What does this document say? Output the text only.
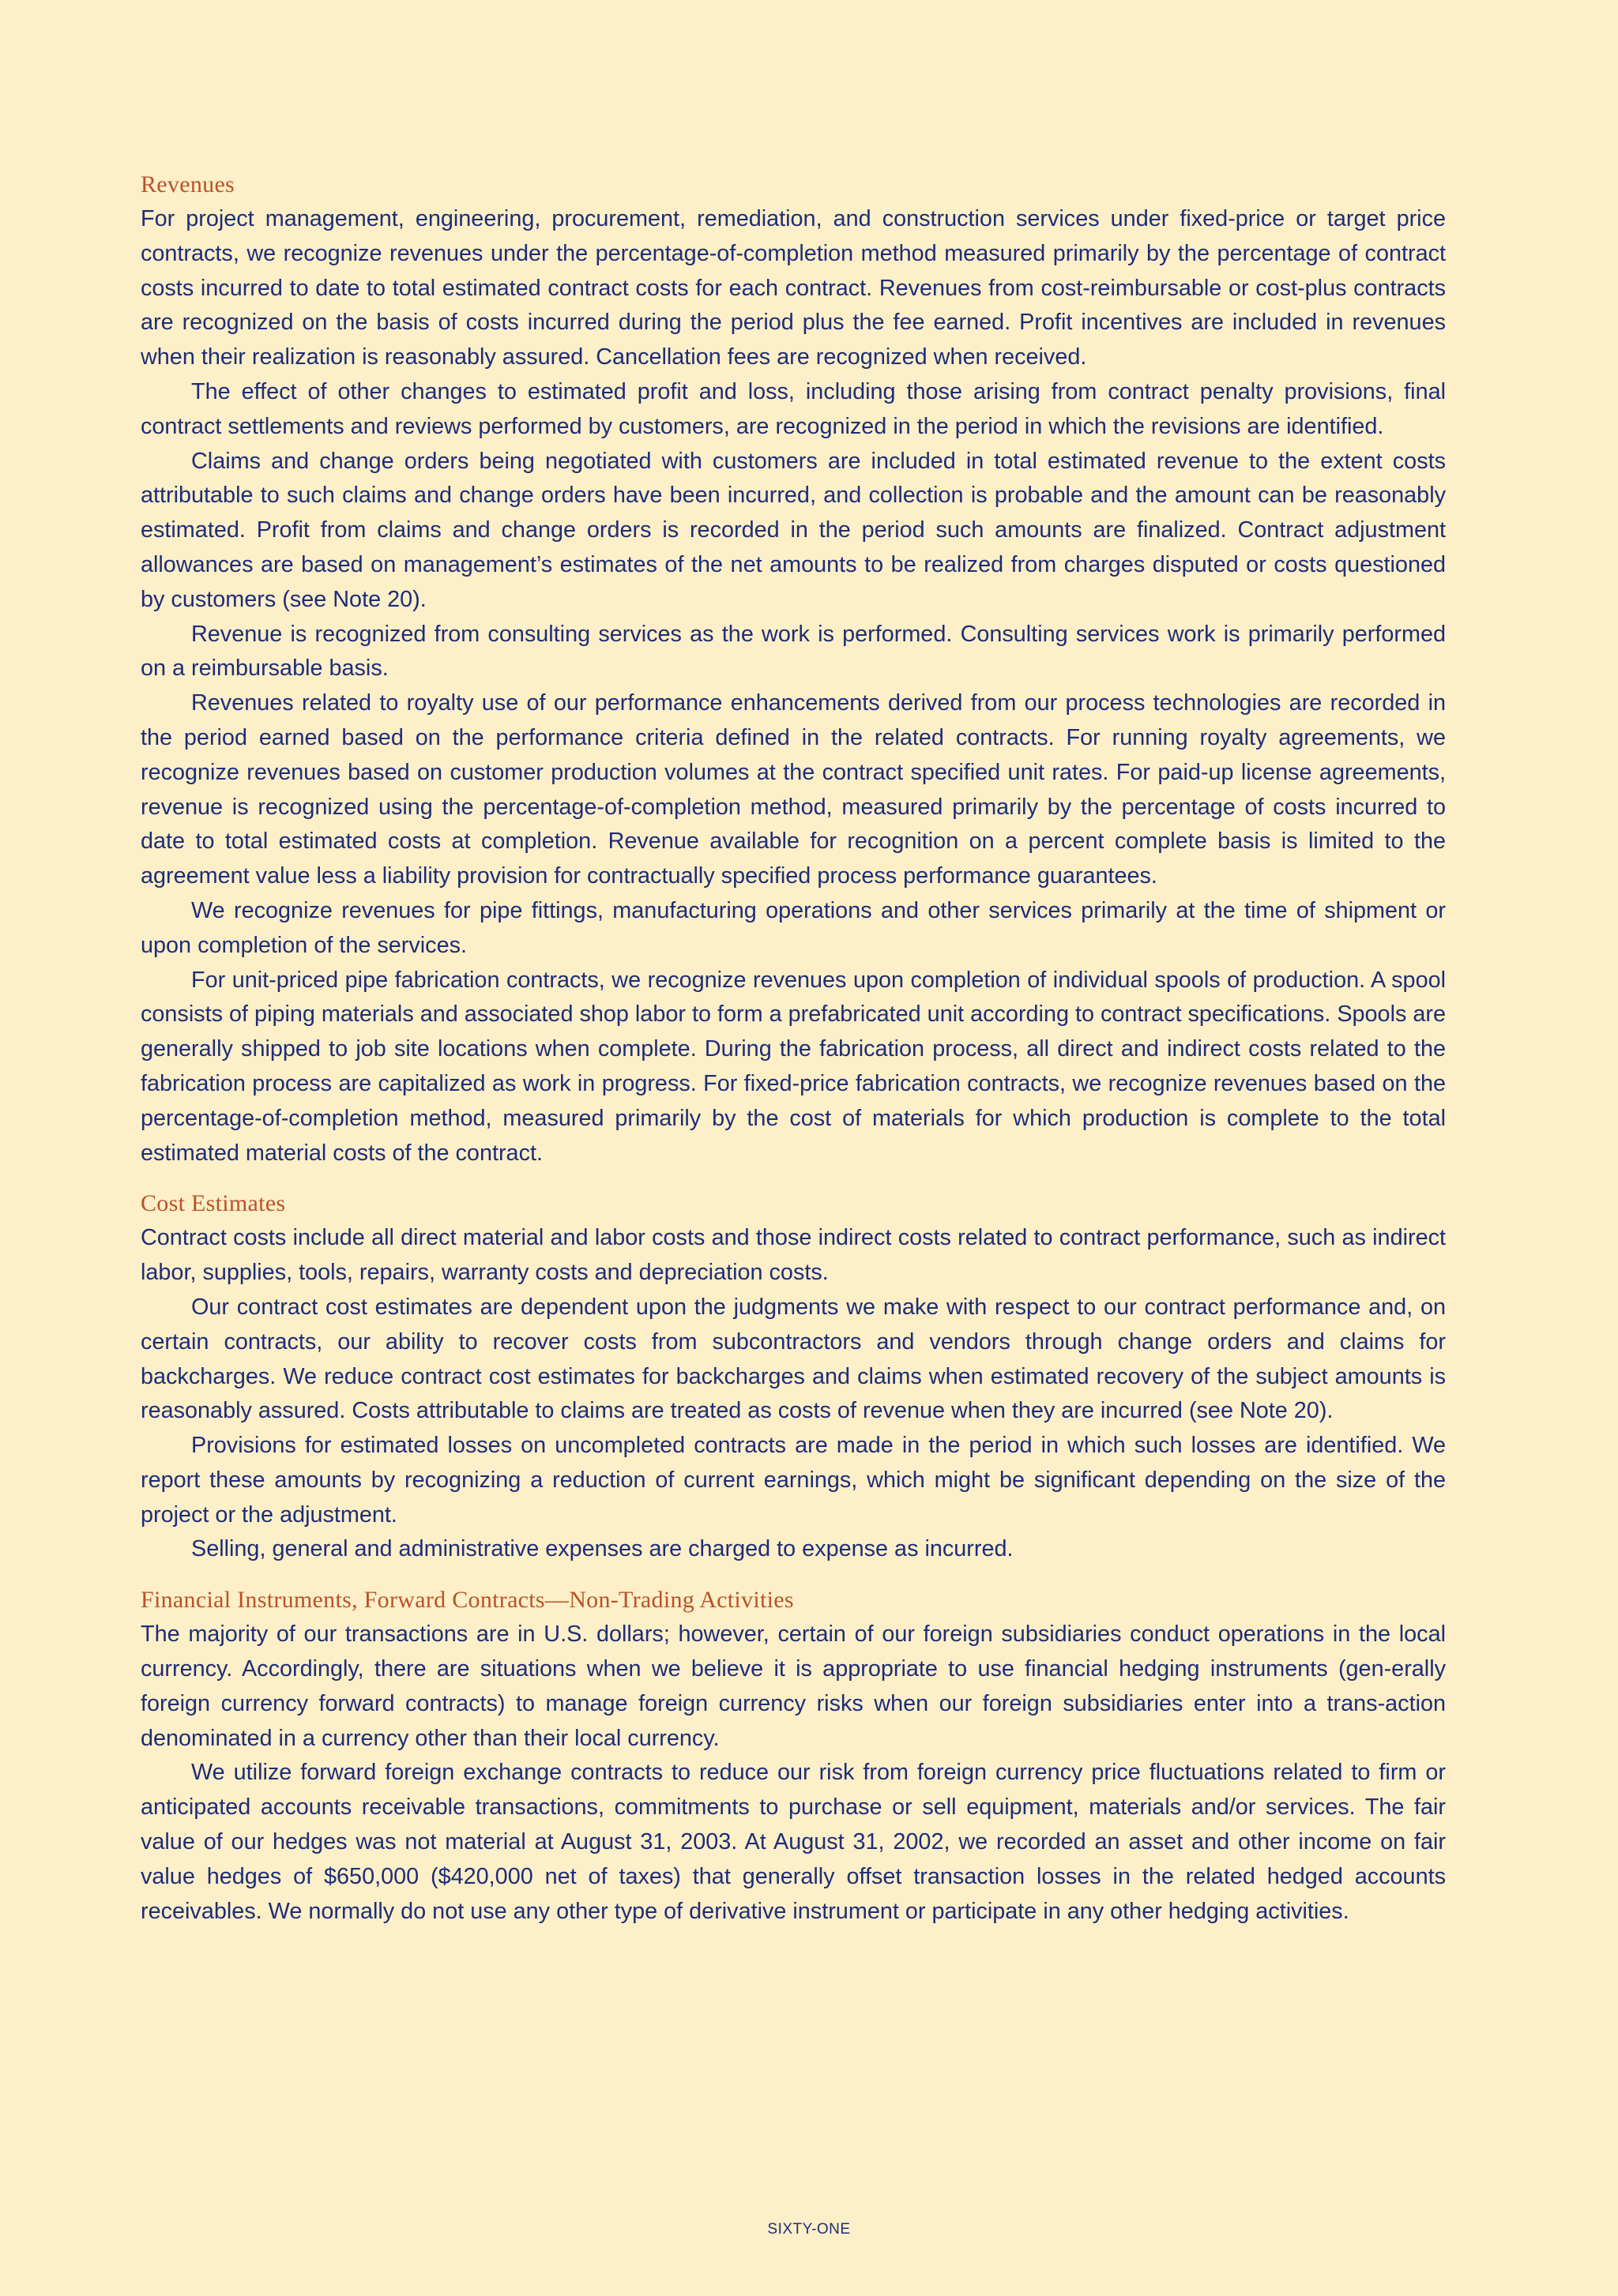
Revenues

For project management, engineering, procurement, remediation, and construction services under fixed-price or target price contracts, we recognize revenues under the percentage-of-completion method measured primarily by the percentage of contract costs incurred to date to total estimated contract costs for each contract. Revenues from cost-reimbursable or cost-plus contracts are recognized on the basis of costs incurred during the period plus the fee earned. Profit incentives are included in revenues when their realization is reasonably assured. Cancellation fees are recognized when received.

The effect of other changes to estimated profit and loss, including those arising from contract penalty provisions, final contract settlements and reviews performed by customers, are recognized in the period in which the revisions are identified.

Claims and change orders being negotiated with customers are included in total estimated revenue to the extent costs attributable to such claims and change orders have been incurred, and collection is probable and the amount can be reasonably estimated. Profit from claims and change orders is recorded in the period such amounts are finalized. Contract adjustment allowances are based on management’s estimates of the net amounts to be realized from charges disputed or costs questioned by customers (see Note 20).

Revenue is recognized from consulting services as the work is performed. Consulting services work is primarily performed on a reimbursable basis.

Revenues related to royalty use of our performance enhancements derived from our process technologies are recorded in the period earned based on the performance criteria defined in the related contracts. For running royalty agreements, we recognize revenues based on customer production volumes at the contract specified unit rates. For paid-up license agreements, revenue is recognized using the percentage-of-completion method, measured primarily by the percentage of costs incurred to date to total estimated costs at completion. Revenue available for recognition on a percent complete basis is limited to the agreement value less a liability provision for contractually specified process performance guarantees.

We recognize revenues for pipe fittings, manufacturing operations and other services primarily at the time of shipment or upon completion of the services.

For unit-priced pipe fabrication contracts, we recognize revenues upon completion of individual spools of production. A spool consists of piping materials and associated shop labor to form a prefabricated unit according to contract specifications. Spools are generally shipped to job site locations when complete. During the fabrication process, all direct and indirect costs related to the fabrication process are capitalized as work in progress. For fixed-price fabrication contracts, we recognize revenues based on the percentage-of-completion method, measured primarily by the cost of materials for which production is complete to the total estimated material costs of the contract.

Cost Estimates

Contract costs include all direct material and labor costs and those indirect costs related to contract performance, such as indirect labor, supplies, tools, repairs, warranty costs and depreciation costs.

Our contract cost estimates are dependent upon the judgments we make with respect to our contract performance and, on certain contracts, our ability to recover costs from subcontractors and vendors through change orders and claims for backcharges. We reduce contract cost estimates for backcharges and claims when estimated recovery of the subject amounts is reasonably assured. Costs attributable to claims are treated as costs of revenue when they are incurred (see Note 20).

Provisions for estimated losses on uncompleted contracts are made in the period in which such losses are identified. We report these amounts by recognizing a reduction of current earnings, which might be significant depending on the size of the project or the adjustment.

Selling, general and administrative expenses are charged to expense as incurred.

Financial Instruments, Forward Contracts—Non-Trading Activities

The majority of our transactions are in U.S. dollars; however, certain of our foreign subsidiaries conduct operations in the local currency. Accordingly, there are situations when we believe it is appropriate to use financial hedging instruments (gen-erally foreign currency forward contracts) to manage foreign currency risks when our foreign subsidiaries enter into a trans-action denominated in a currency other than their local currency.

We utilize forward foreign exchange contracts to reduce our risk from foreign currency price fluctuations related to firm or anticipated accounts receivable transactions, commitments to purchase or sell equipment, materials and/or services. The fair value of our hedges was not material at August 31, 2003. At August 31, 2002, we recorded an asset and other income on fair value hedges of $650,000 ($420,000 net of taxes) that generally offset transaction losses in the related hedged accounts receivables. We normally do not use any other type of derivative instrument or participate in any other hedging activities.

SIXTY-ONE
